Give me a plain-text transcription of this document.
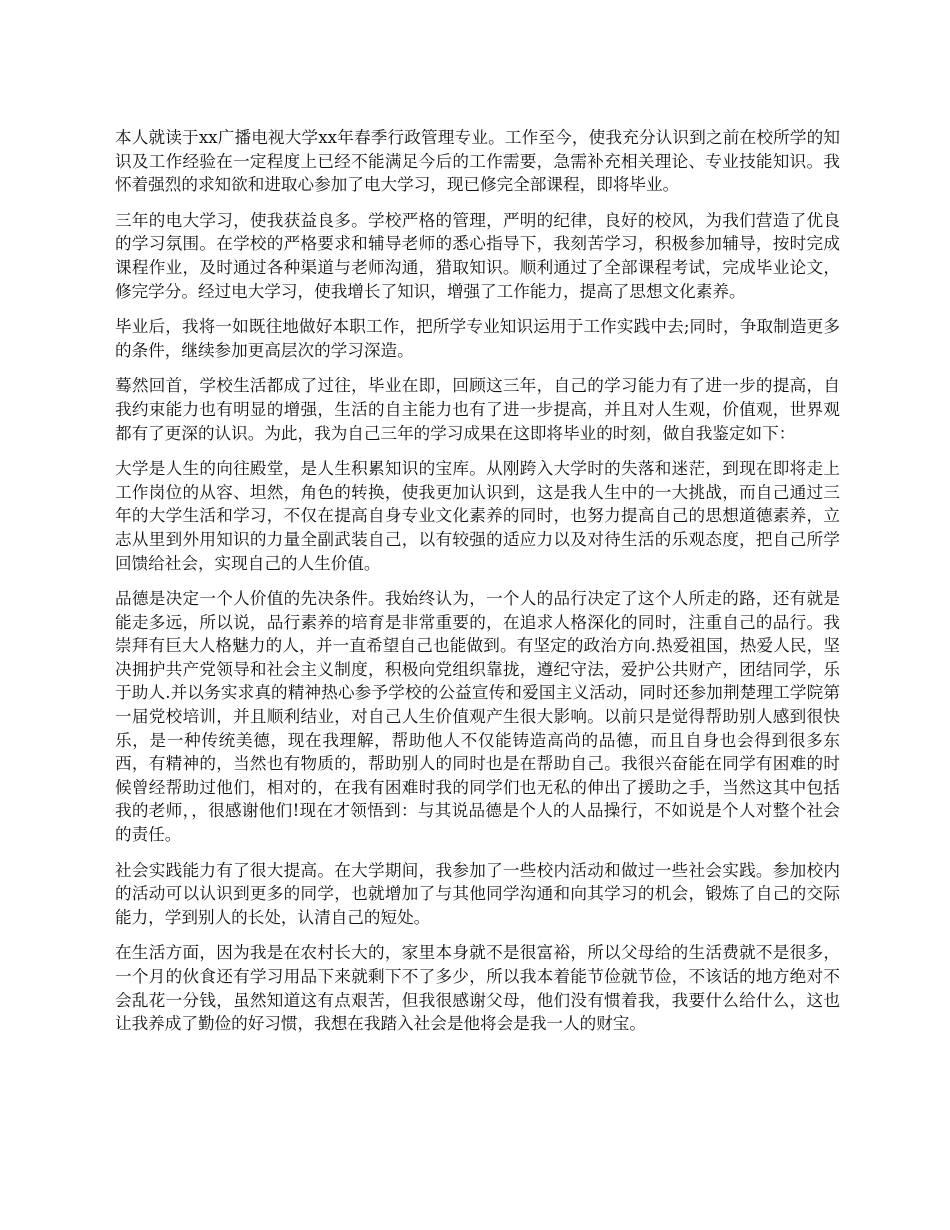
本人就读于xx广播电视大学xx年春季行政管理专业。工作至今，使我充分认识到之前在校所学的知识及工作经验在一定程度上已经不能满足今后的工作需要，急需补充相关理论、专业技能知识。我怀着强烈的求知欲和进取心参加了电大学习，现已修完全部课程，即将毕业。

三年的电大学习，使我获益良多。学校严格的管理，严明的纪律，良好的校风，为我们营造了优良的学习氛围。在学校的严格要求和辅导老师的悉心指导下，我刻苦学习，积极参加辅导，按时完成课程作业，及时通过各种渠道与老师沟通，猎取知识。顺利通过了全部课程考试，完成毕业论文，修完学分。经过电大学习，使我增长了知识，增强了工作能力，提高了思想文化素养。

毕业后，我将一如既往地做好本职工作，把所学专业知识运用于工作实践中去;同时，争取制造更多的条件，继续参加更高层次的学习深造。

蓦然回首，学校生活都成了过往，毕业在即，回顾这三年，自己的学习能力有了进一步的提高，自我约束能力也有明显的增强，生活的自主能力也有了进一步提高，并且对人生观，价值观，世界观都有了更深的认识。为此，我为自己三年的学习成果在这即将毕业的时刻，做自我鉴定如下：

大学是人生的向往殿堂，是人生积累知识的宝库。从刚跨入大学时的失落和迷茫，到现在即将走上工作岗位的从容、坦然，角色的转换，使我更加认识到，这是我人生中的一大挑战，而自己通过三年的大学生活和学习，不仅在提高自身专业文化素养的同时，也努力提高自己的思想道德素养，立志从里到外用知识的力量全副武装自己，以有较强的适应力以及对待生活的乐观态度，把自己所学回馈给社会，实现自己的人生价值。

品德是决定一个人价值的先决条件。我始终认为，一个人的品行决定了这个人所走的路，还有就是能走多远，所以说，品行素养的培育是非常重要的，在追求人格深化的同时，注重自己的品行。我崇拜有巨大人格魅力的人，并一直希望自己也能做到。有坚定的政治方向.热爱祖国，热爱人民，坚决拥护共产党领导和社会主义制度，积极向党组织靠拢，遵纪守法，爱护公共财产，团结同学，乐于助人.并以务实求真的精神热心参予学校的公益宣传和爱国主义活动，同时还参加荆楚理工学院第一届党校培训，并且顺利结业，对自己人生价值观产生很大影响。以前只是觉得帮助别人感到很快乐，是一种传统美德，现在我理解，帮助他人不仅能铸造高尚的品德，而且自身也会得到很多东西，有精神的，当然也有物质的，帮助别人的同时也是在帮助自己。我很兴奋能在同学有困难的时候曾经帮助过他们，相对的，在我有困难时我的同学们也无私的伸出了援助之手，当然这其中包括我的老师，，很感谢他们!现在才领悟到：与其说品德是个人的人品操行，不如说是个人对整个社会的责任。

社会实践能力有了很大提高。在大学期间，我参加了一些校内活动和做过一些社会实践。参加校内的活动可以认识到更多的同学，也就增加了与其他同学沟通和向其学习的机会，锻炼了自己的交际能力，学到别人的长处，认清自己的短处。

在生活方面，因为我是在农村长大的，家里本身就不是很富裕，所以父母给的生活费就不是很多，一个月的伙食还有学习用品下来就剩下不了多少，所以我本着能节俭就节俭，不该话的地方绝对不会乱花一分钱，虽然知道这有点艰苦，但我很感谢父母，他们没有惯着我，我要什么给什么，这也让我养成了勤俭的好习惯，我想在我踏入社会是他将会是我一人的财宝。
